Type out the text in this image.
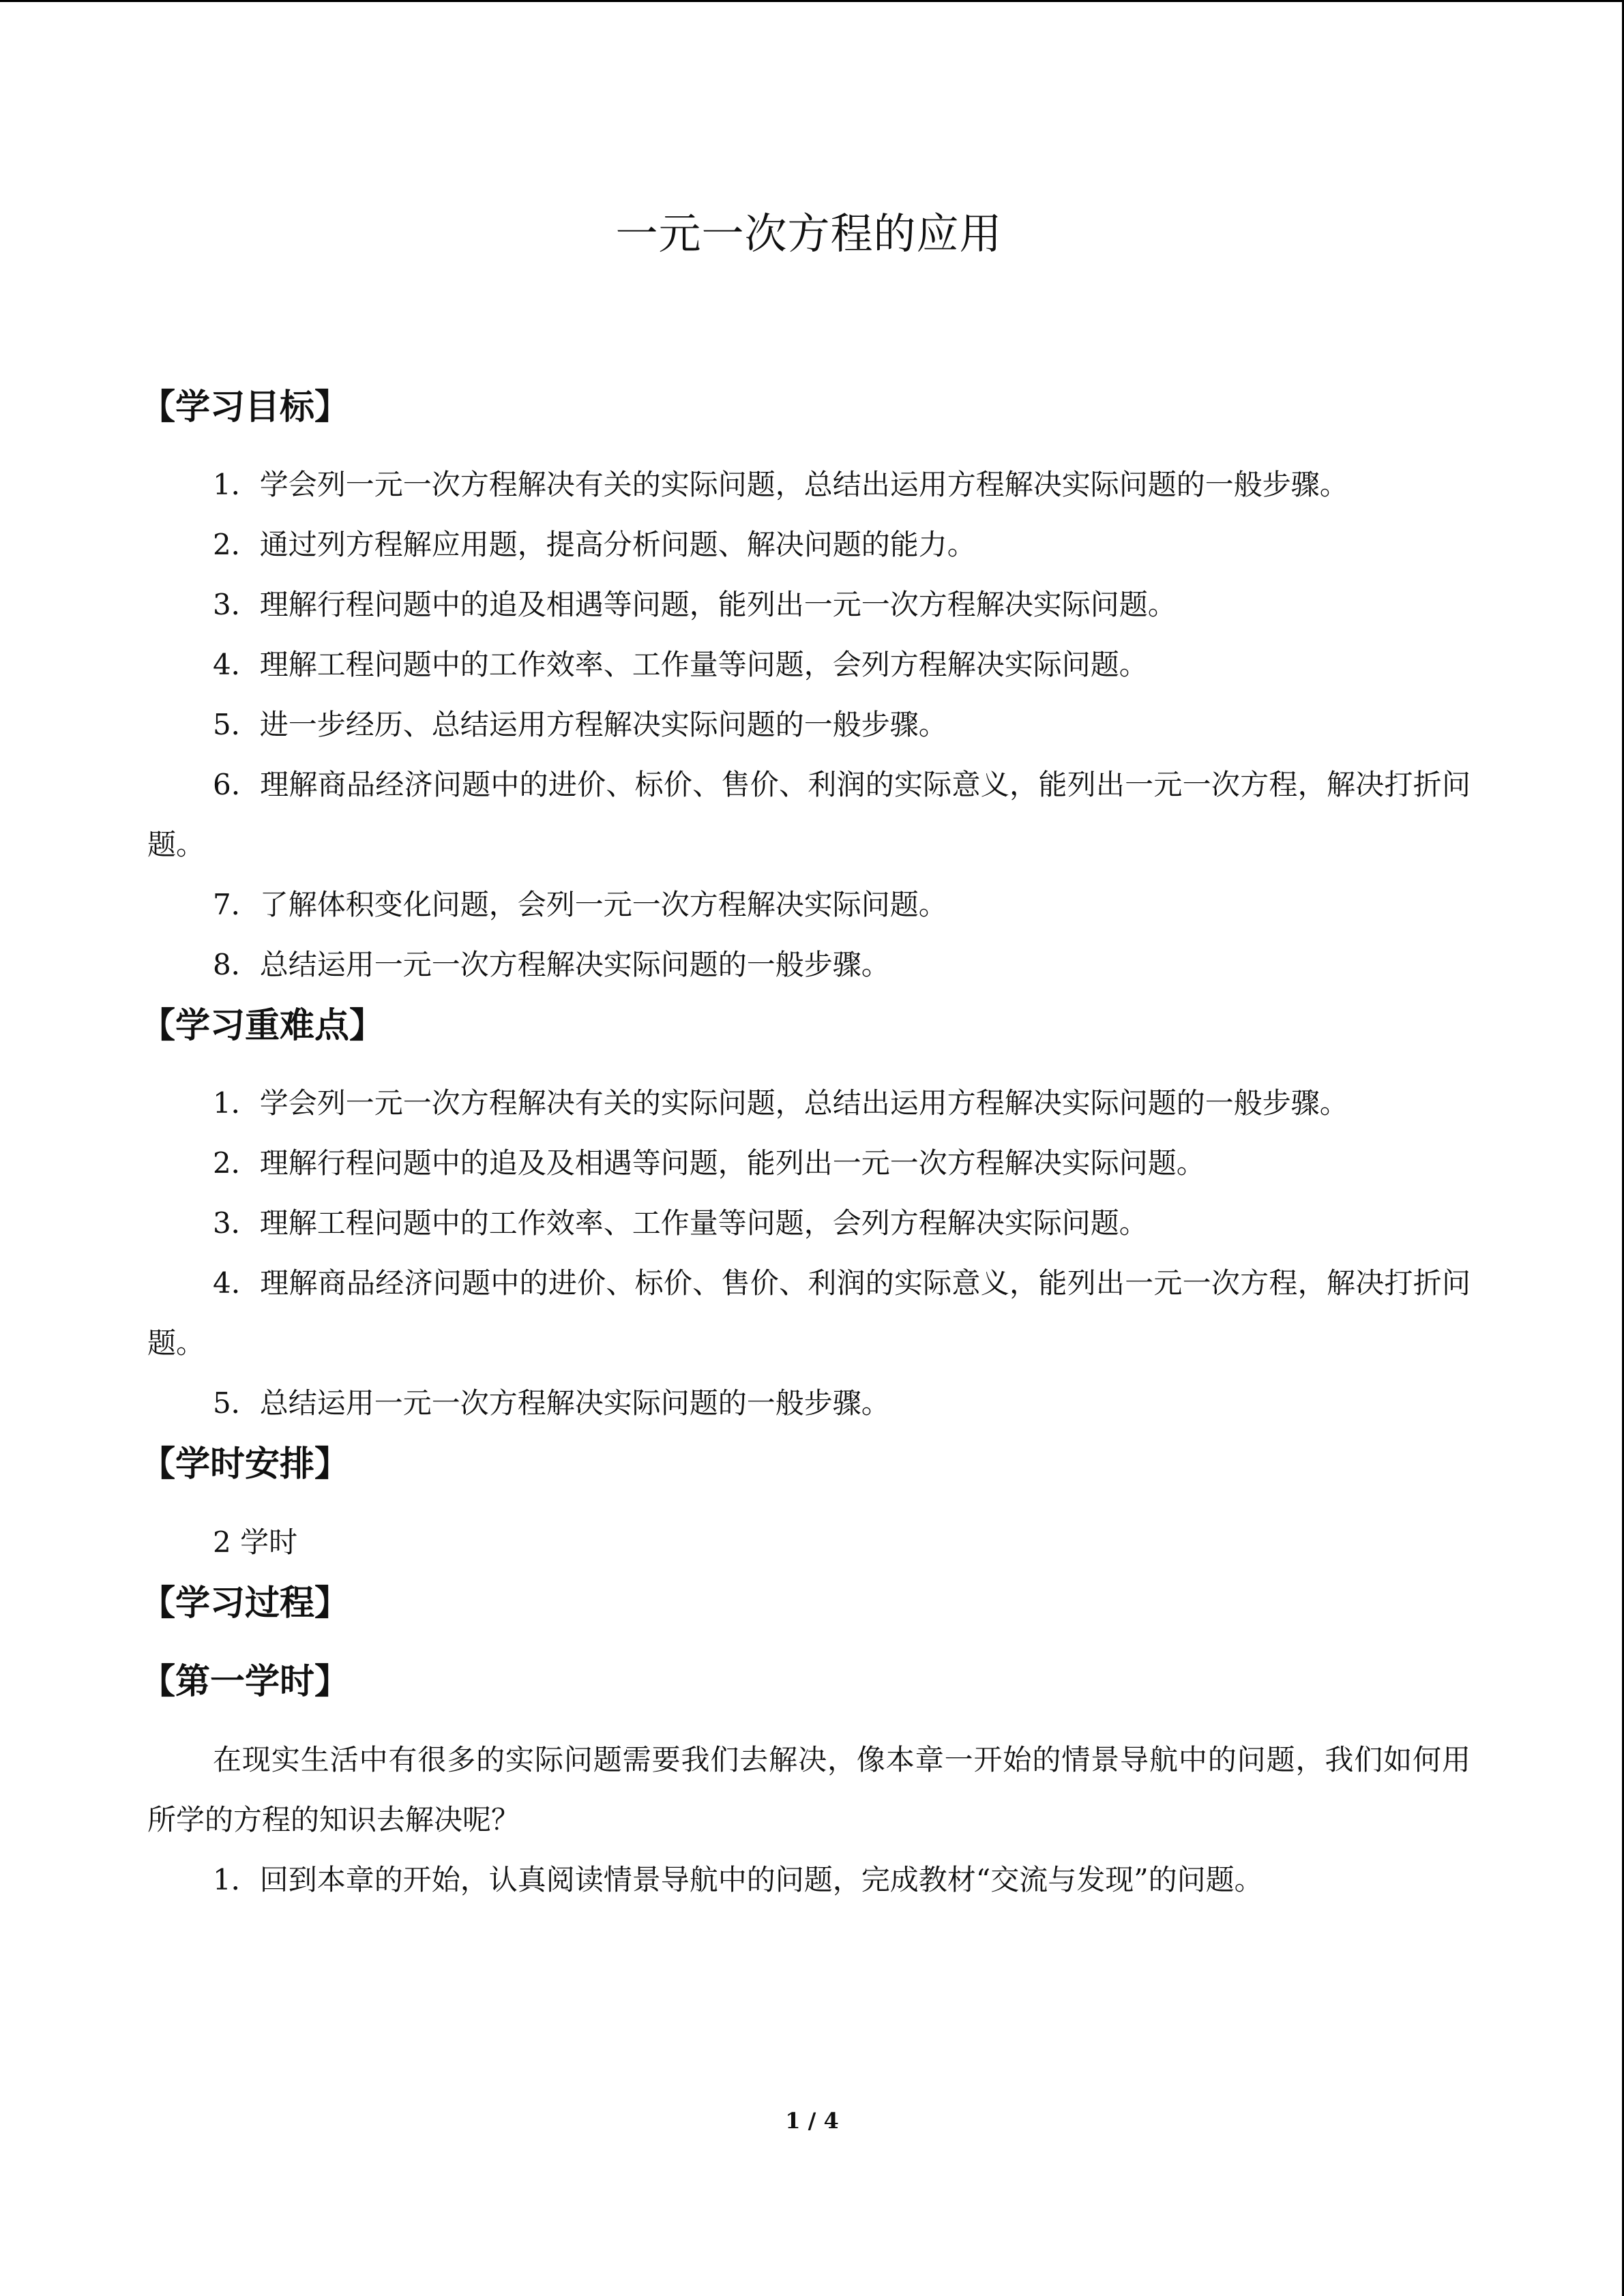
一元一次方程的应用
【学习目标】

1．学会列一元一次方程解决有关的实际问题，总结出运用方程解决实际问题的一般步骤。

2．通过列方程解应用题，提高分析问题、解决问题的能力。

3．理解行程问题中的追及相遇等问题，能列出一元一次方程解决实际问题。

4．理解工程问题中的工作效率、工作量等问题，会列方程解决实际问题。

5．进一步经历、总结运用方程解决实际问题的一般步骤。

6．理解商品经济问题中的进价、标价、售价、利润的实际意义，能列出一元一次方程，解决打折问题。

7．了解体积变化问题，会列一元一次方程解决实际问题。

8．总结运用一元一次方程解决实际问题的一般步骤。

【学习重难点】

1．学会列一元一次方程解决有关的实际问题，总结出运用方程解决实际问题的一般步骤。

2．理解行程问题中的追及及相遇等问题，能列出一元一次方程解决实际问题。

3．理解工程问题中的工作效率、工作量等问题，会列方程解决实际问题。

4．理解商品经济问题中的进价、标价、售价、利润的实际意义，能列出一元一次方程，解决打折问题。

5．总结运用一元一次方程解决实际问题的一般步骤。

【学时安排】

2 学时

【学习过程】
【第一学时】

在现实生活中有很多的实际问题需要我们去解决，像本章一开始的情景导航中的问题，我们如何用所学的方程的知识去解决呢？

1．回到本章的开始，认真阅读情景导航中的问题，完成教材“交流与发现”的问题。

1 / 4
